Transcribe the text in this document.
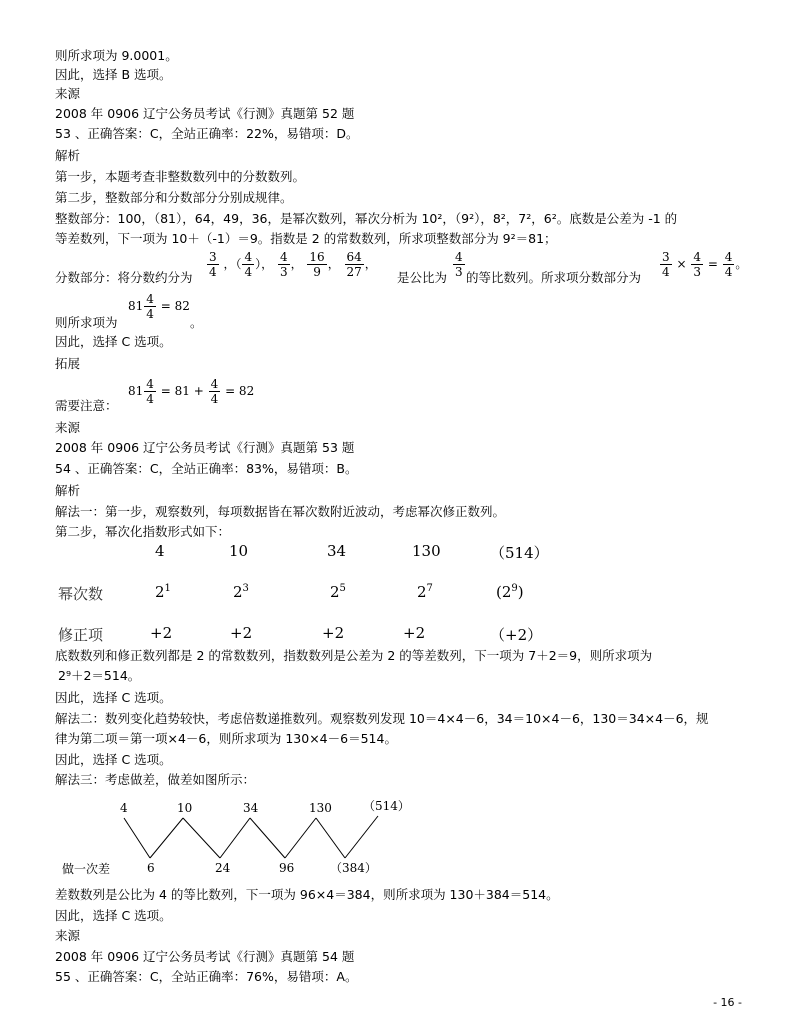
则所求项为 9.0001。
因此，选择 B 选项。
来源
2008 年 0906 辽宁公务员考试《行测》真题第 52 题
53 、正确答案：C，全站正确率：22%，易错项：D。
解析
第一步，本题考查非整数数列中的分数数列。
第二步，整数部分和分数部分分别成规律。
整数部分：100，（81），64，49，36，是幂次数列，幂次分析为 10²，（9²），8²，7²，6²。底数是公差为 -1 的
等差数列，下一项为 10＋（-1）＝9。指数是 2 的常数数列，所求项整数部分为 9²＝81；
分数部分：将分数约分为 $\frac{3}{4}$ ，（ $\frac{4}{4}$ ）， $\frac{4}{3}$ ， $\frac{16}{9}$ ， $\frac{64}{27}$ ，
是公比为 $\frac{4}{3}$ 的等比数列。所求项分数部分为 $\frac{3}{4} \times \frac{4}{3} = \frac{4}{4}$ 。
$81 \frac{4}{4} = 82$
则所求项为	。
因此，选择 C 选项。
拓展
$81 \frac{4}{4} = 81 + \frac{4}{4} = 82$
需要注意：
来源
2008 年 0906 辽宁公务员考试《行测》真题第 53 题
54 、正确答案：C，全站正确率：83%，易错项：B。
解析
解法一：第一步，观察数列，每项数据皆在幂次数附近波动，考虑幂次修正数列。
第二步，幂次化指数形式如下：
4	10	34	130	（514）
幂次数	$2^1$	$2^3$	$2^5$	$2^7$	$(2^9)$
修正项	+2	+2	+2	+2	（+2）
底数数列和修正数列都是 2 的常数数列，指数数列是公差为 2 的等差数列，下一项为 7＋2＝9，则所求项为
2⁹＋2＝514。
因此，选择 C 选项。
解法二：数列变化趋势较快，考虑倍数递推数列。观察数列发现 10＝4×4－6，34＝10×4－6，130＝34×4－6，规
律为第二项＝第一项×4－6，则所求项为 130×4－6＝514。
因此，选择 C 选项。
解法三：考虑做差，做差如图所示：
4	10	34	130	（514）
6	24	96	（384）
做一次差
差数数列是公比为 4 的等比数列，下一项为 96×4＝384，则所求项为 130＋384＝514。
因此，选择 C 选项。
来源
2008 年 0906 辽宁公务员考试《行测》真题第 54 题
55 、正确答案：C，全站正确率：76%，易错项：A。
- 16 -
